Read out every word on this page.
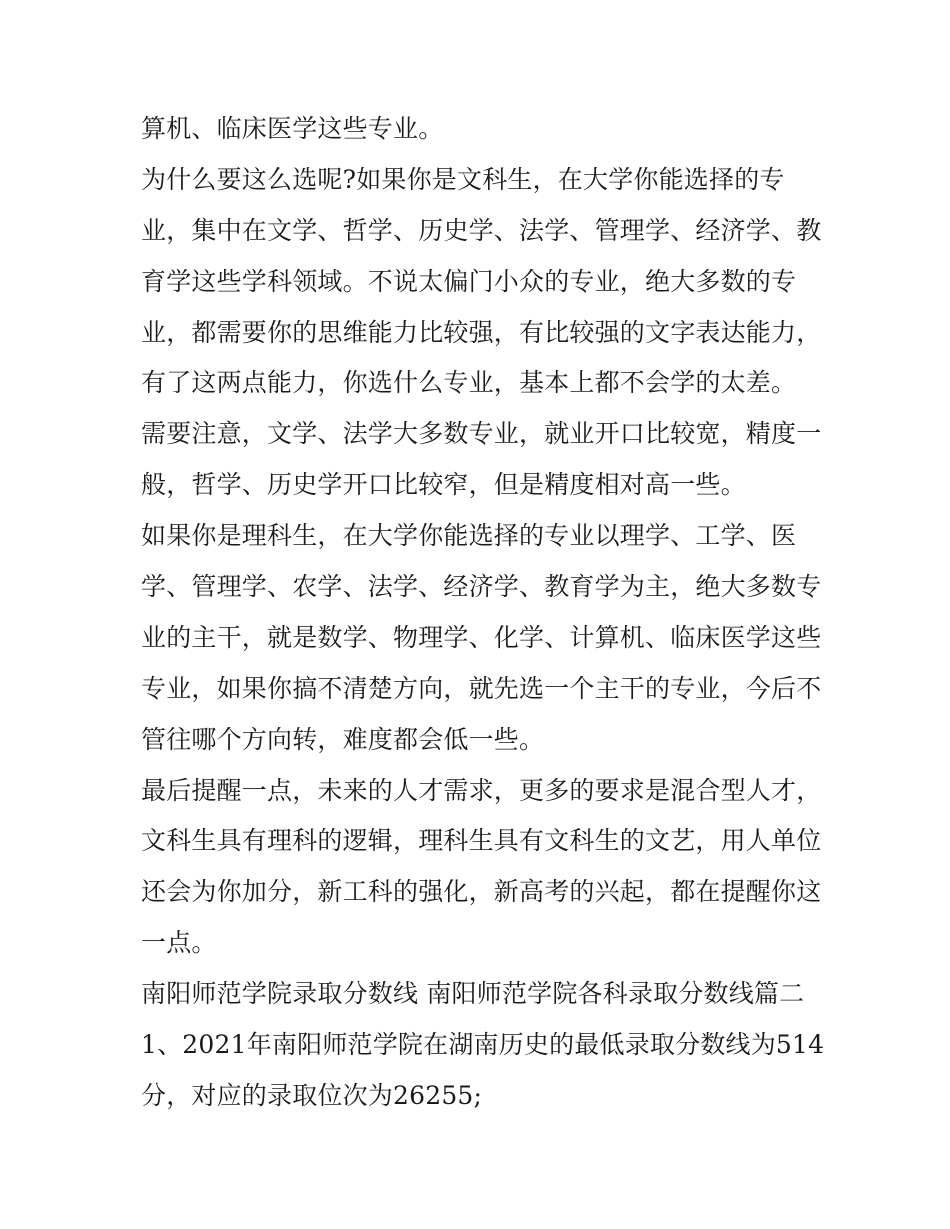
算机、临床医学这些专业。
为什么要这么选呢?如果你是文科生，在大学你能选择的专
业，集中在文学、哲学、历史学、法学、管理学、经济学、教
育学这些学科领域。不说太偏门小众的专业，绝大多数的专
业，都需要你的思维能力比较强，有比较强的文字表达能力，
有了这两点能力，你选什么专业，基本上都不会学的太差。
需要注意，文学、法学大多数专业，就业开口比较宽，精度一
般，哲学、历史学开口比较窄，但是精度相对高一些。
如果你是理科生，在大学你能选择的专业以理学、工学、医
学、管理学、农学、法学、经济学、教育学为主，绝大多数专
业的主干，就是数学、物理学、化学、计算机、临床医学这些
专业，如果你搞不清楚方向，就先选一个主干的专业，今后不
管往哪个方向转，难度都会低一些。
最后提醒一点，未来的人才需求，更多的要求是混合型人才，
文科生具有理科的逻辑，理科生具有文科生的文艺，用人单位
还会为你加分，新工科的强化，新高考的兴起，都在提醒你这
一点。
南阳师范学院录取分数线 南阳师范学院各科录取分数线篇二
1、2021年南阳师范学院在湖南历史的最低录取分数线为514
分，对应的录取位次为26255;
